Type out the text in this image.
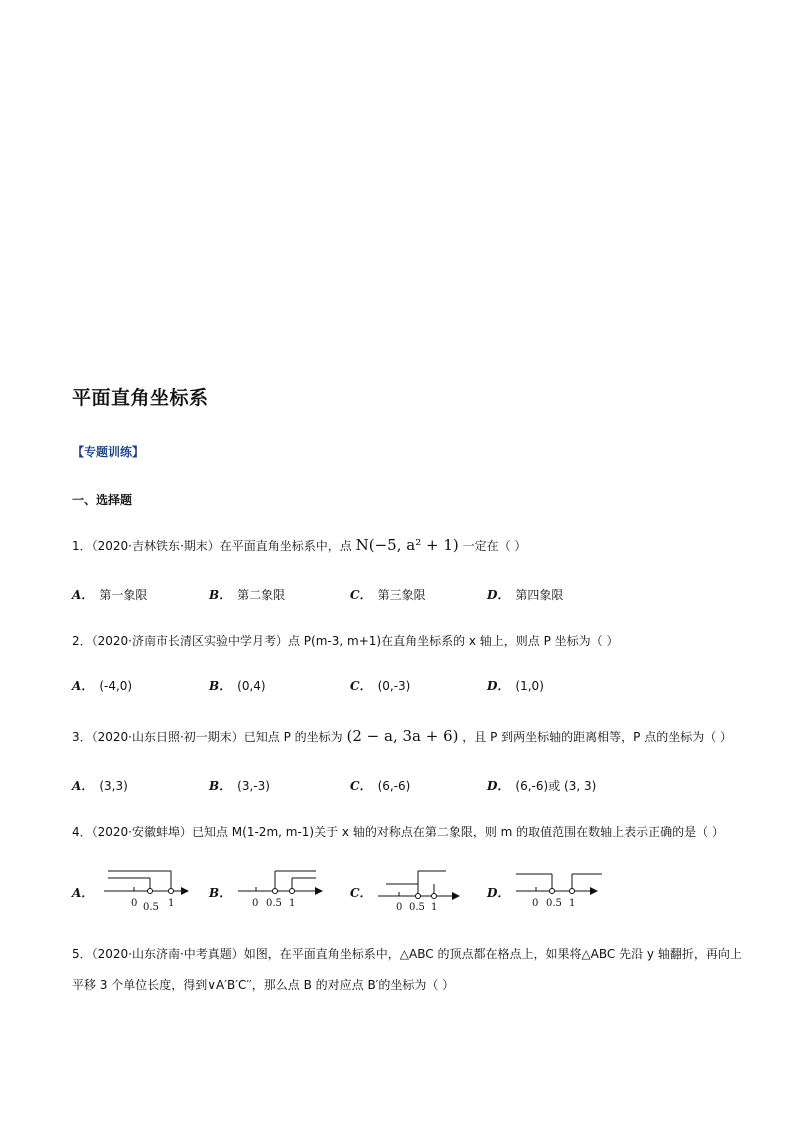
平面直角坐标系
【专题训练】
一、选择题
1．（2020·吉林铁东·期末）在平面直角坐标系中，点 N(−5, a² + 1) 一定在（ ）
A． 第一象限	B． 第二象限	C． 第三象限	D． 第四象限
2．（2020·济南市长清区实验中学月考）点 P(m-3, m+1)在直角坐标系的 x 轴上，则点 P 坐标为（ ）
A． (-4,0)	B． (0,4)	C． (0,-3)	D． (1,0)
3．（2020·山东日照·初一期末）已知点 P 的坐标为 (2 − a, 3a + 6) ，且 P 到两坐标轴的距离相等，P 点的坐标为（ ）
A． (3,3)	B． (3,-3)	C． (6,-6)	D． (6,-6)或 (3, 3)
4．（2020·安徽蚌埠）已知点 M(1-2m, m-1)关于 x 轴的对称点在第二象限，则 m 的取值范围在数轴上表示正确的是（ ）
A．
0 0.5 1
B．
0 0.5 1
C．
0 0.5 1
D．
0 0.5 1
5．（2020·山东济南·中考真题）如图，在平面直角坐标系中，△ABC 的顶点都在格点上，如果将△ABC 先沿 y 轴翻折，再向上
平移 3 个单位长度，得到∨A′B′C′′，那么点 B 的对应点 B′的坐标为（ ）
